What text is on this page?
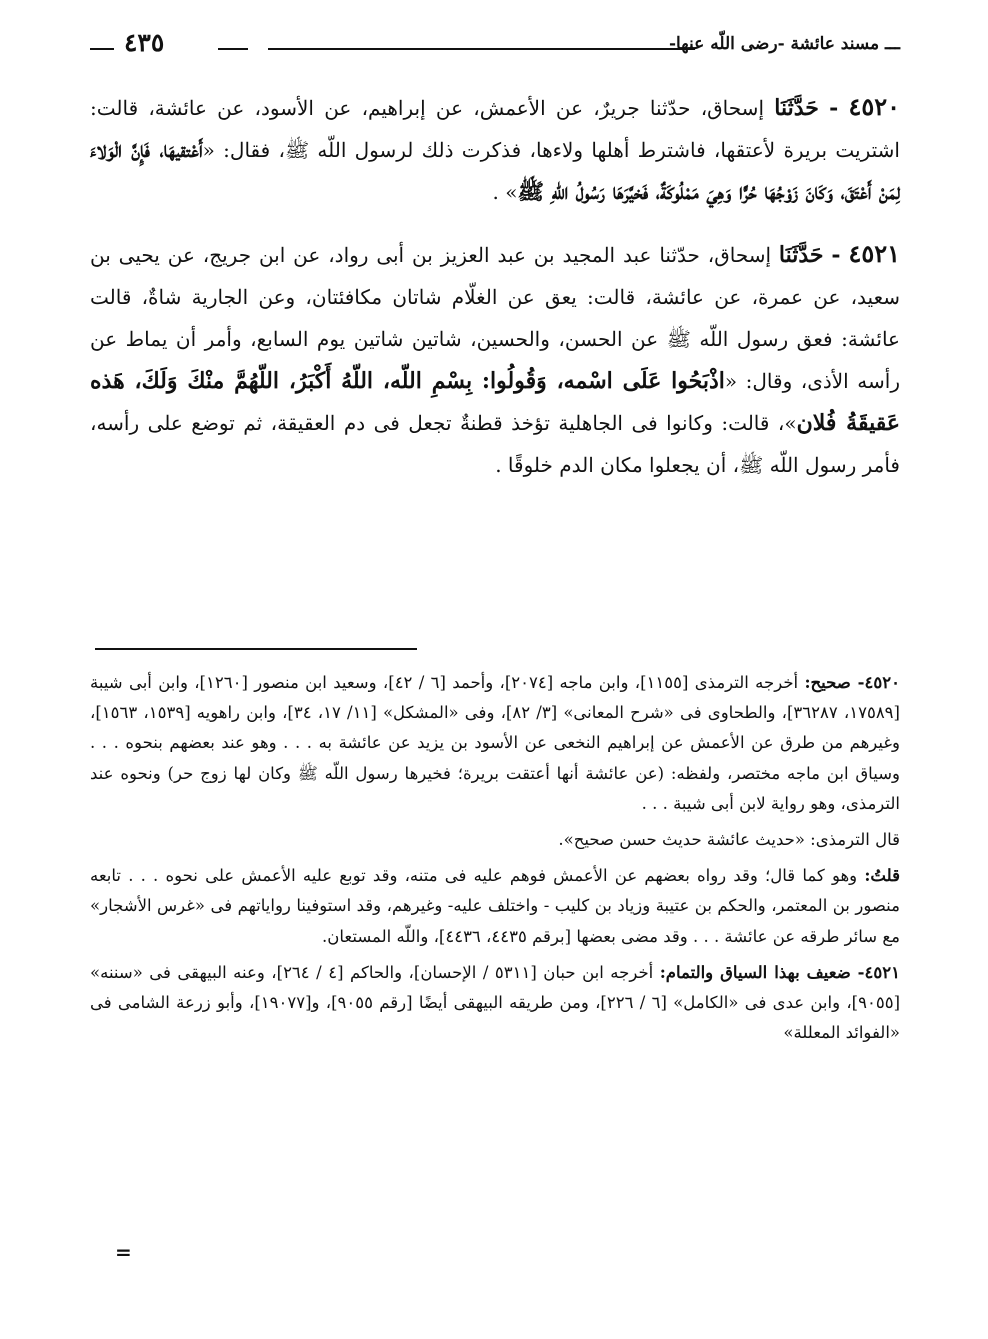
ـــ مسند عائشة -رضى اللّه عنها-
٤٣٥

٤٥٢٠ - حَدَّثَنَا إسحاق، حدّثنا جريرٌ، عن الأعمش، عن إبراهيم، عن الأسود، عن عائشة، قالت: اشتريت بريرة لأعتقها، فاشترط أهلها ولاءها، فذكرت ذلك لرسول اللّه ﷺ، فقال: «أَعْتقيهَا، فَإِنَّ الْوَلاءَ لِمَنْ أَعْتَقَ، وَكَانَ زَوْجُهَا حُرًّا وَهِيَ مَمْلُوكَةٌ، فَخيَّرَهَا رَسُولُ اللّهِ ﷺ» .

٤٥٢١ - حَدَّثَنَا إسحاق، حدّثنا عبد المجيد بن عبد العزيز بن أبى رواد، عن ابن جريج، عن يحيى بن سعيد، عن عمرة، عن عائشة، قالت: يعق عن الغلّام شاتان مكافئتان، وعن الجارية شاةٌ، قالت عائشة: فعق رسول اللّه ﷺ عن الحسن، والحسين، شاتين شاتين يوم السابع، وأمر أن يماط عن رأسه الأذى، وقال: «اذْبَحُوا عَلَى اسْمه، وَقُولُوا: بِسْمِ اللّه، اللّهُ أَكْبَرُ، اللّهُمَّ منْكَ وَلَكَ، هَذه عَقيقَةُ فُلان»، قالت: وكانوا فى الجاهلية تؤخذ قطنةٌ تجعل فى دم العقيقة، ثم توضع على رأسه، فأمر رسول اللّه ﷺ، أن يجعلوا مكان الدم خلوقًا .

٤٥٢٠- صحيح: أخرجه الترمذى [١١٥٥]، وابن ماجه [٢٠٧٤]، وأحمد [٦ / ٤٢]، وسعيد ابن منصور [١٢٦٠]، وابن أبى شيبة [١٧٥٨٩، ٣٦٢٨٧]، والطحاوى فى «شرح المعانى» [٣/ ٨٢]، وفى «المشكل» [١١/ ١٧، ٣٤]، وابن راهويه [١٥٣٩، ١٥٦٣]، وغيرهم من طرق عن الأعمش عن إبراهيم النخعى عن الأسود بن يزيد عن عائشة به . . . وهو عند بعضهم بنحوه . . . وسياق ابن ماجه مختصر، ولفظه: (عن عائشة أنها أعتقت بريرة؛ فخيرها رسول اللّه ﷺ وكان لها زوج حر) ونحوه عند الترمذى، وهو رواية لابن أبى شيبة . . .

قال الترمذى: «حديث عائشة حديث حسن صحيح».

قلتُ: وهو كما قال؛ وقد رواه بعضهم عن الأعمش فوهم عليه فى متنه، وقد توبع عليه الأعمش على نحوه . . . تابعه منصور بن المعتمر، والحكم بن عتيبة وزياد بن كليب - واختلف عليه- وغيرهم، وقد استوفينا رواياتهم فى «غرس الأشجار» مع سائر طرقه عن عائشة . . . وقد مضى بعضها [برقم ٤٤٣٥، ٤٤٣٦]، واللّه المستعان.

٤٥٢١- ضعيف بهذا السياق والتمام: أخرجه ابن حبان [٥٣١١ / الإحسان]، والحاكم [٤ / ٢٦٤]، وعنه البيهقى فى «سننه» [٩٠٥٥]، وابن عدى فى «الكامل» [٦ / ٢٢٦]، ومن طريقه البيهقى أيضًا [رقم ٩٠٥٥]، و[١٩٠٧٧]، وأبو زرعة الشامى فى «الفوائد المعللة»

=
